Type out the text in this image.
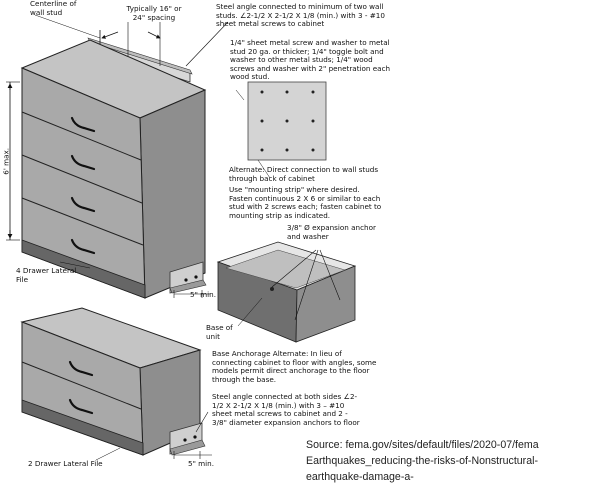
Centerline of wall stud	Typically 16" or 24" spacing

6' max.

Steel angle connected to minimum of two wall studs. ∠2-1/2 X 2-1/2 X 1/8 (min.) with 3 - #10 sheet metal screws to cabinet

1/4" sheet metal screw and washer to metal stud 20 ga. or thicker; 1/4" toggle bolt and washer to other metal studs; 1/4" wood screws and washer with 2" penetration each wood stud.

Alternate: Direct connection to wall studs through back of cabinet

Use "mounting strip" where desired. Fasten continuous 2 X 6 or similar to each stud with 2 screws each; fasten cabinet to mounting strip as indicated.

3/8" Ø expansion anchor and washer

4 Drawer Lateral File

5" min.

Base of unit

Base Anchorage Alternate: In lieu of connecting cabinet to floor with angles, some models permit direct anchorage to the floor through the base.

Steel angle connected at both sides ∠2-1/2 X 2-1/2 X 1/8 (min.) with 3 – #10 sheet metal screws to cabinet and 2 - 3/8" diameter expansion anchors to floor

2 Drawer Lateral File	5" min.

Source: fema.gov/sites/default/files/2020-07/fema
Earthquakes_reducing-the-risks-of-Nonstructural-
earthquake-damage-a-
